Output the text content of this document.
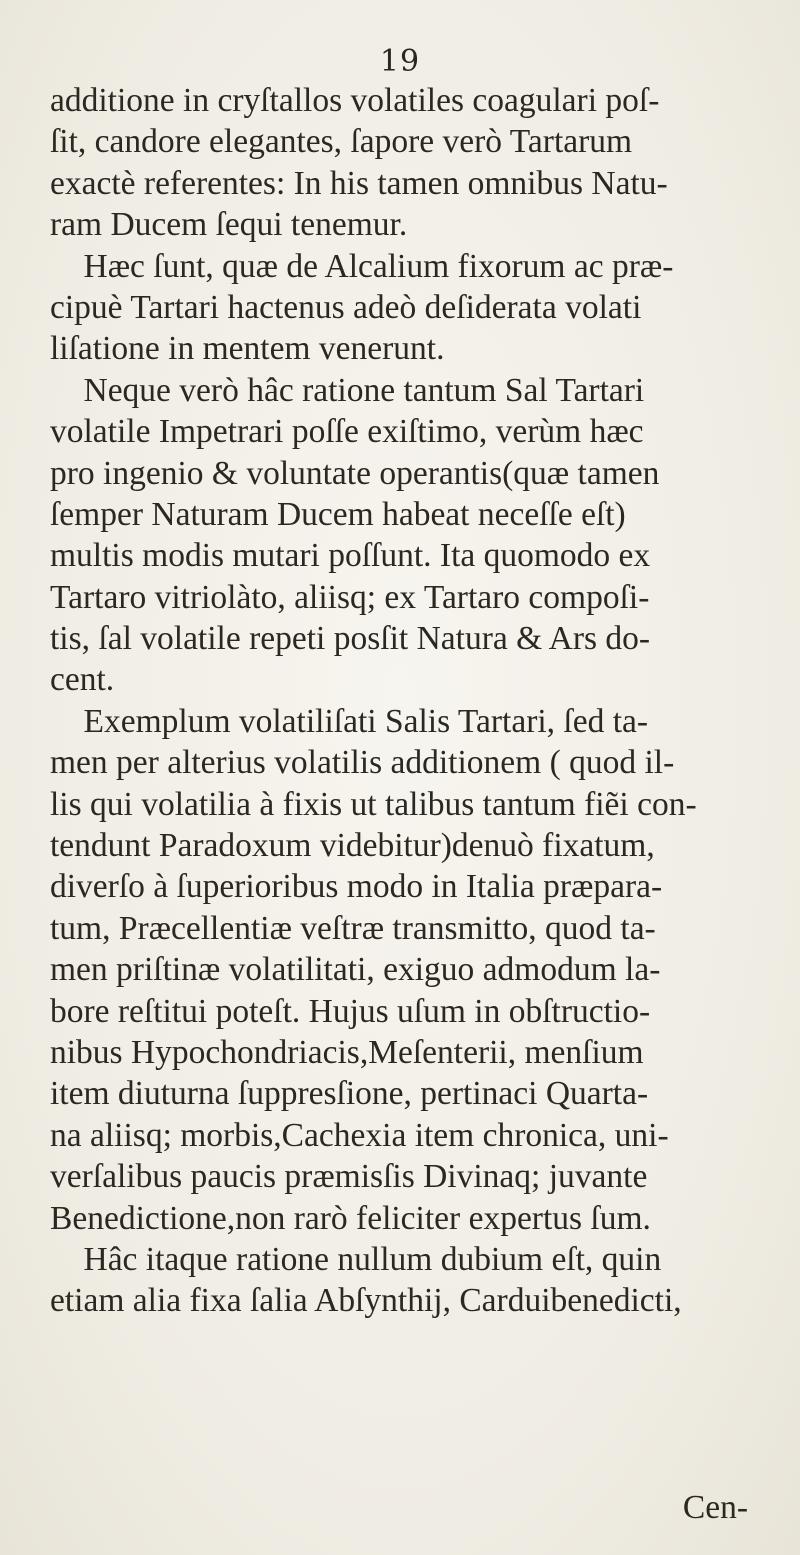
19
additione in cryſtallos volatiles coagulari poſ-
ſit, candore elegantes, ſapore verò Tartarum
exactè referentes: In his tamen omnibus Natu-
ram Ducem ſequi tenemur.
 Hæc ſunt, quæ de Alcalium fixorum ac præ-
cipuè Tartari hactenus adeò deſiderata volati
liſatione in mentem venerunt.
 Neque verò hâc ratione tantum Sal Tartari
volatile Impetrari poſſe exiſtimo, verùm hæc
pro ingenio & voluntate operantis(quæ tamen
ſemper Naturam Ducem habeat neceſſe eſt)
multis modis mutari poſſunt. Ita quomodo ex
Tartaro vitriolàto, aliisq; ex Tartaro compoſi-
tis, ſal volatile repeti posſit Natura & Ars do-
cent.
 Exemplum volatiliſati Salis Tartari, ſed ta-
men per alterius volatilis additionem ( quod il-
lis qui volatilia à fixis ut talibus tantum fiẽi con-
tendunt Paradoxum videbitur)denuò fixatum,
diverſo à ſuperioribus modo in Italia præpara-
tum, Præcellentiæ veſtræ transmitto, quod ta-
men priſtinæ volatilitati, exiguo admodum la-
bore reſtitui poteſt. Hujus uſum in obſtructio-
nibus Hypochondriacis,Meſenterii, menſium
item diuturna ſuppresſione, pertinaci Quarta-
na aliisq; morbis,Cachexia item chronica, uni-
verſalibus paucis præmisſis Divinaq; juvante
Benedictione,non rarò feliciter expertus ſum.
 Hâc itaque ratione nullum dubium eſt, quin
etiam alia fixa ſalia Abſynthij, Carduibenedicti,
Cen-
